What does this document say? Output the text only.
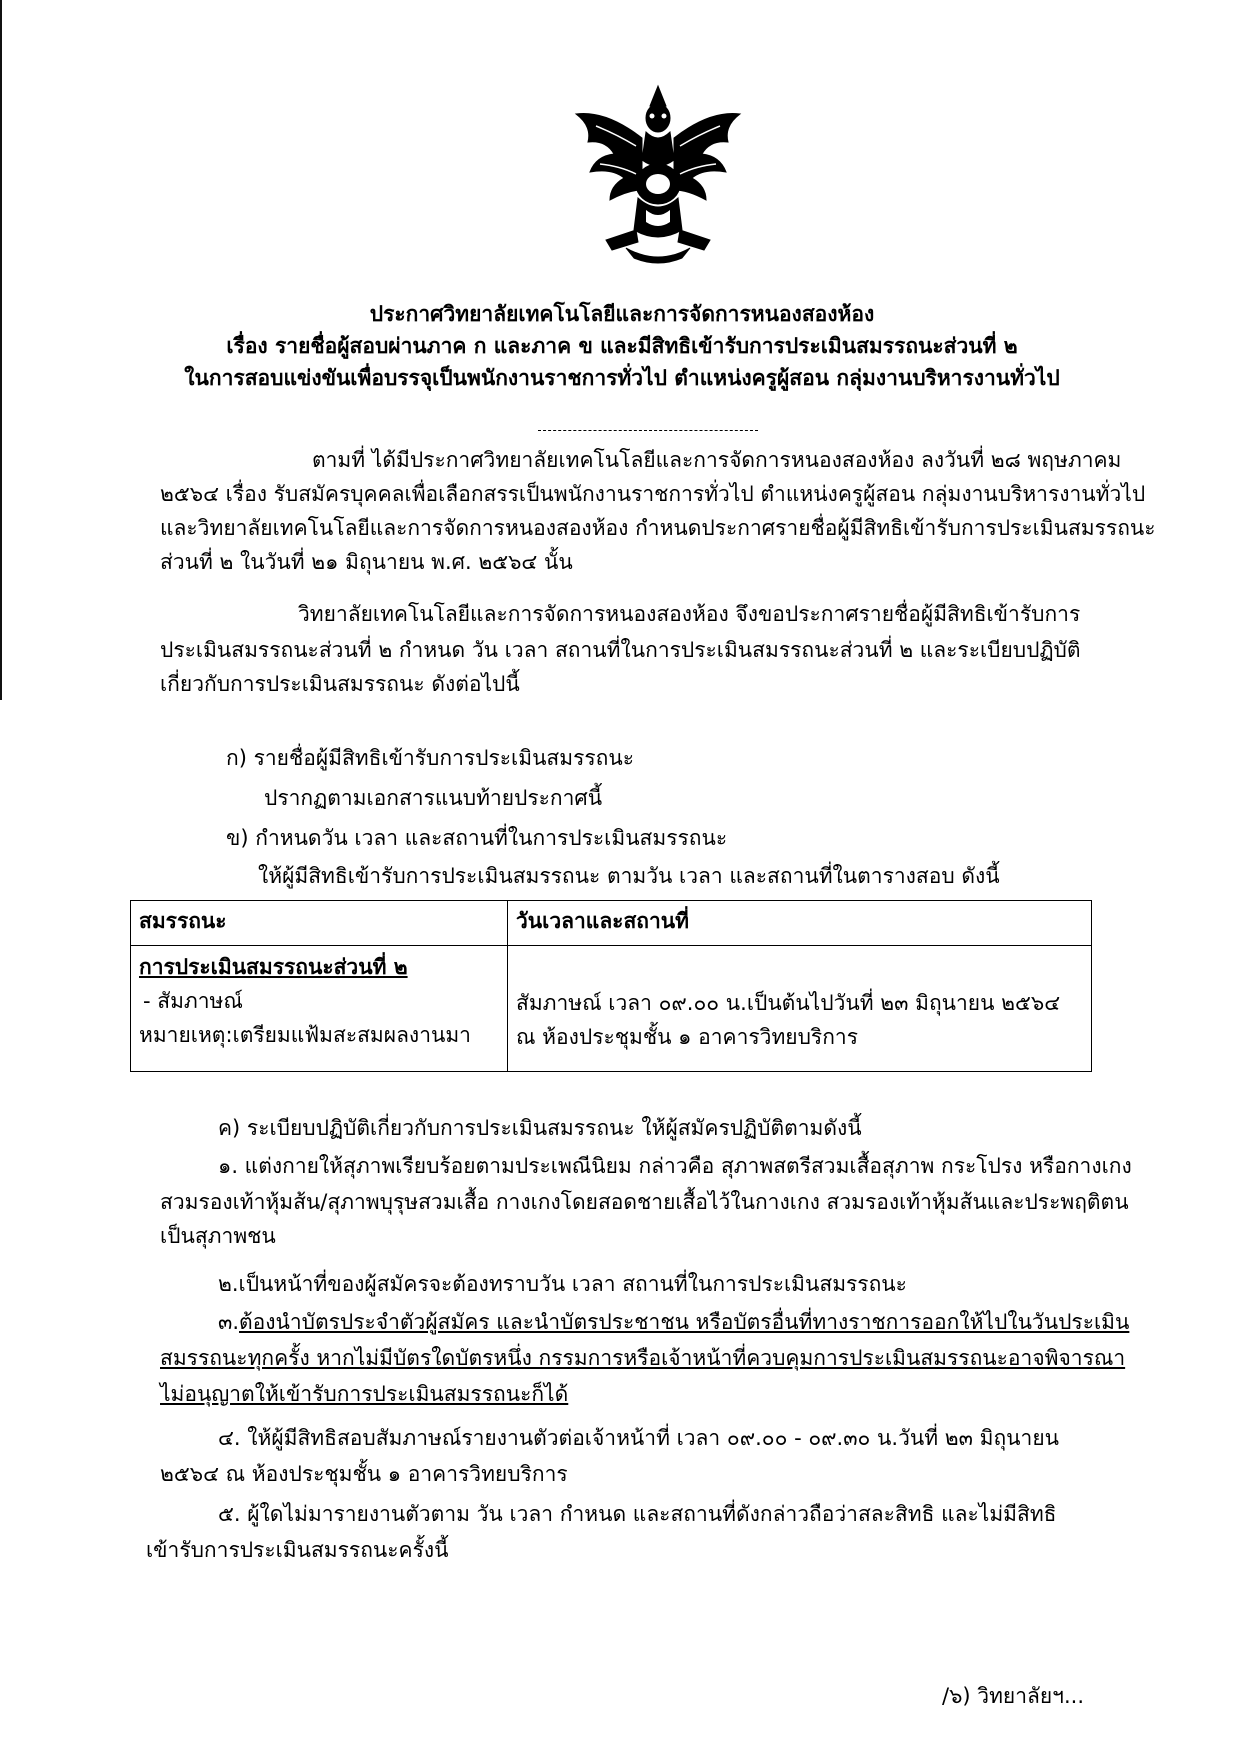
ประกาศวิทยาลัยเทคโนโลยีและการจัดการหนองสองห้อง
เรื่อง รายชื่อผู้สอบผ่านภาค ก และภาค ข และมีสิทธิเข้ารับการประเมินสมรรถนะส่วนที่ ๒
ในการสอบแข่งขันเพื่อบรรจุเป็นพนักงานราชการทั่วไป ตำแหน่งครูผู้สอน กลุ่มงานบริหารงานทั่วไป
ตามที่ ได้มีประกาศวิทยาลัยเทคโนโลยีและการจัดการหนองสองห้อง ลงวันที่ ๒๘ พฤษภาคม
๒๕๖๔ เรื่อง รับสมัครบุคคลเพื่อเลือกสรรเป็นพนักงานราชการทั่วไป ตำแหน่งครูผู้สอน กลุ่มงานบริหารงานทั่วไป
และวิทยาลัยเทคโนโลยีและการจัดการหนองสองห้อง กำหนดประกาศรายชื่อผู้มีสิทธิเข้ารับการประเมินสมรรถนะ
ส่วนที่ ๒ ในวันที่ ๒๑ มิถุนายน พ.ศ. ๒๕๖๔ นั้น
วิทยาลัยเทคโนโลยีและการจัดการหนองสองห้อง จึงขอประกาศรายชื่อผู้มีสิทธิเข้ารับการ
ประเมินสมรรถนะส่วนที่ ๒ กำหนด วัน เวลา สถานที่ในการประเมินสมรรถนะส่วนที่ ๒ และระเบียบปฏิบัติ
เกี่ยวกับการประเมินสมรรถนะ ดังต่อไปนี้
ก) รายชื่อผู้มีสิทธิเข้ารับการประเมินสมรรถนะ
ปรากฏตามเอกสารแนบท้ายประกาศนี้
ข) กำหนดวัน เวลา และสถานที่ในการประเมินสมรรถนะ
ให้ผู้มีสิทธิเข้ารับการประเมินสมรรถนะ ตามวัน เวลา และสถานที่ในตารางสอบ ดังนี้
สมรรถนะ	วันเวลาและสถานที่

การประเมินสมรรถนะส่วนที่ ๒
- สัมภาษณ์
หมายเหตุ:เตรียมแฟ้มสะสมผลงานมา	สัมภาษณ์ เวลา ๐๙.๐๐ น.เป็นต้นไปวันที่ ๒๓ มิถุนายน ๒๕๖๔
ณ ห้องประชุมชั้น ๑ อาคารวิทยบริการ
ค) ระเบียบปฏิบัติเกี่ยวกับการประเมินสมรรถนะ ให้ผู้สมัครปฏิบัติตามดังนี้
๑. แต่งกายให้สุภาพเรียบร้อยตามประเพณีนิยม กล่าวคือ สุภาพสตรีสวมเสื้อสุภาพ กระโปรง หรือกางเกง
สวมรองเท้าหุ้มส้น/สุภาพบุรุษสวมเสื้อ กางเกงโดยสอดชายเสื้อไว้ในกางเกง สวมรองเท้าหุ้มส้นและประพฤติตน
เป็นสุภาพชน
๒.เป็นหน้าที่ของผู้สมัครจะต้องทราบวัน เวลา สถานที่ในการประเมินสมรรถนะ
๓.ต้องนำบัตรประจำตัวผู้สมัคร และนำบัตรประชาชน หรือบัตรอื่นที่ทางราชการออกให้ไปในวันประเมิน
สมรรถนะทุกครั้ง หากไม่มีบัตรใดบัตรหนึ่ง กรรมการหรือเจ้าหน้าที่ควบคุมการประเมินสมรรถนะอาจพิจารณา
ไม่อนุญาตให้เข้ารับการประเมินสมรรถนะก็ได้
๔. ให้ผู้มีสิทธิสอบสัมภาษณ์รายงานตัวต่อเจ้าหน้าที่ เวลา ๐๙.๐๐ - ๐๙.๓๐ น.วันที่ ๒๓ มิถุนายน
๒๕๖๔ ณ ห้องประชุมชั้น ๑ อาคารวิทยบริการ
๕. ผู้ใดไม่มารายงานตัวตาม วัน เวลา กำหนด และสถานที่ดังกล่าวถือว่าสละสิทธิ และไม่มีสิทธิ
เข้ารับการประเมินสมรรถนะครั้งนี้
/๖) วิทยาลัยฯ...
